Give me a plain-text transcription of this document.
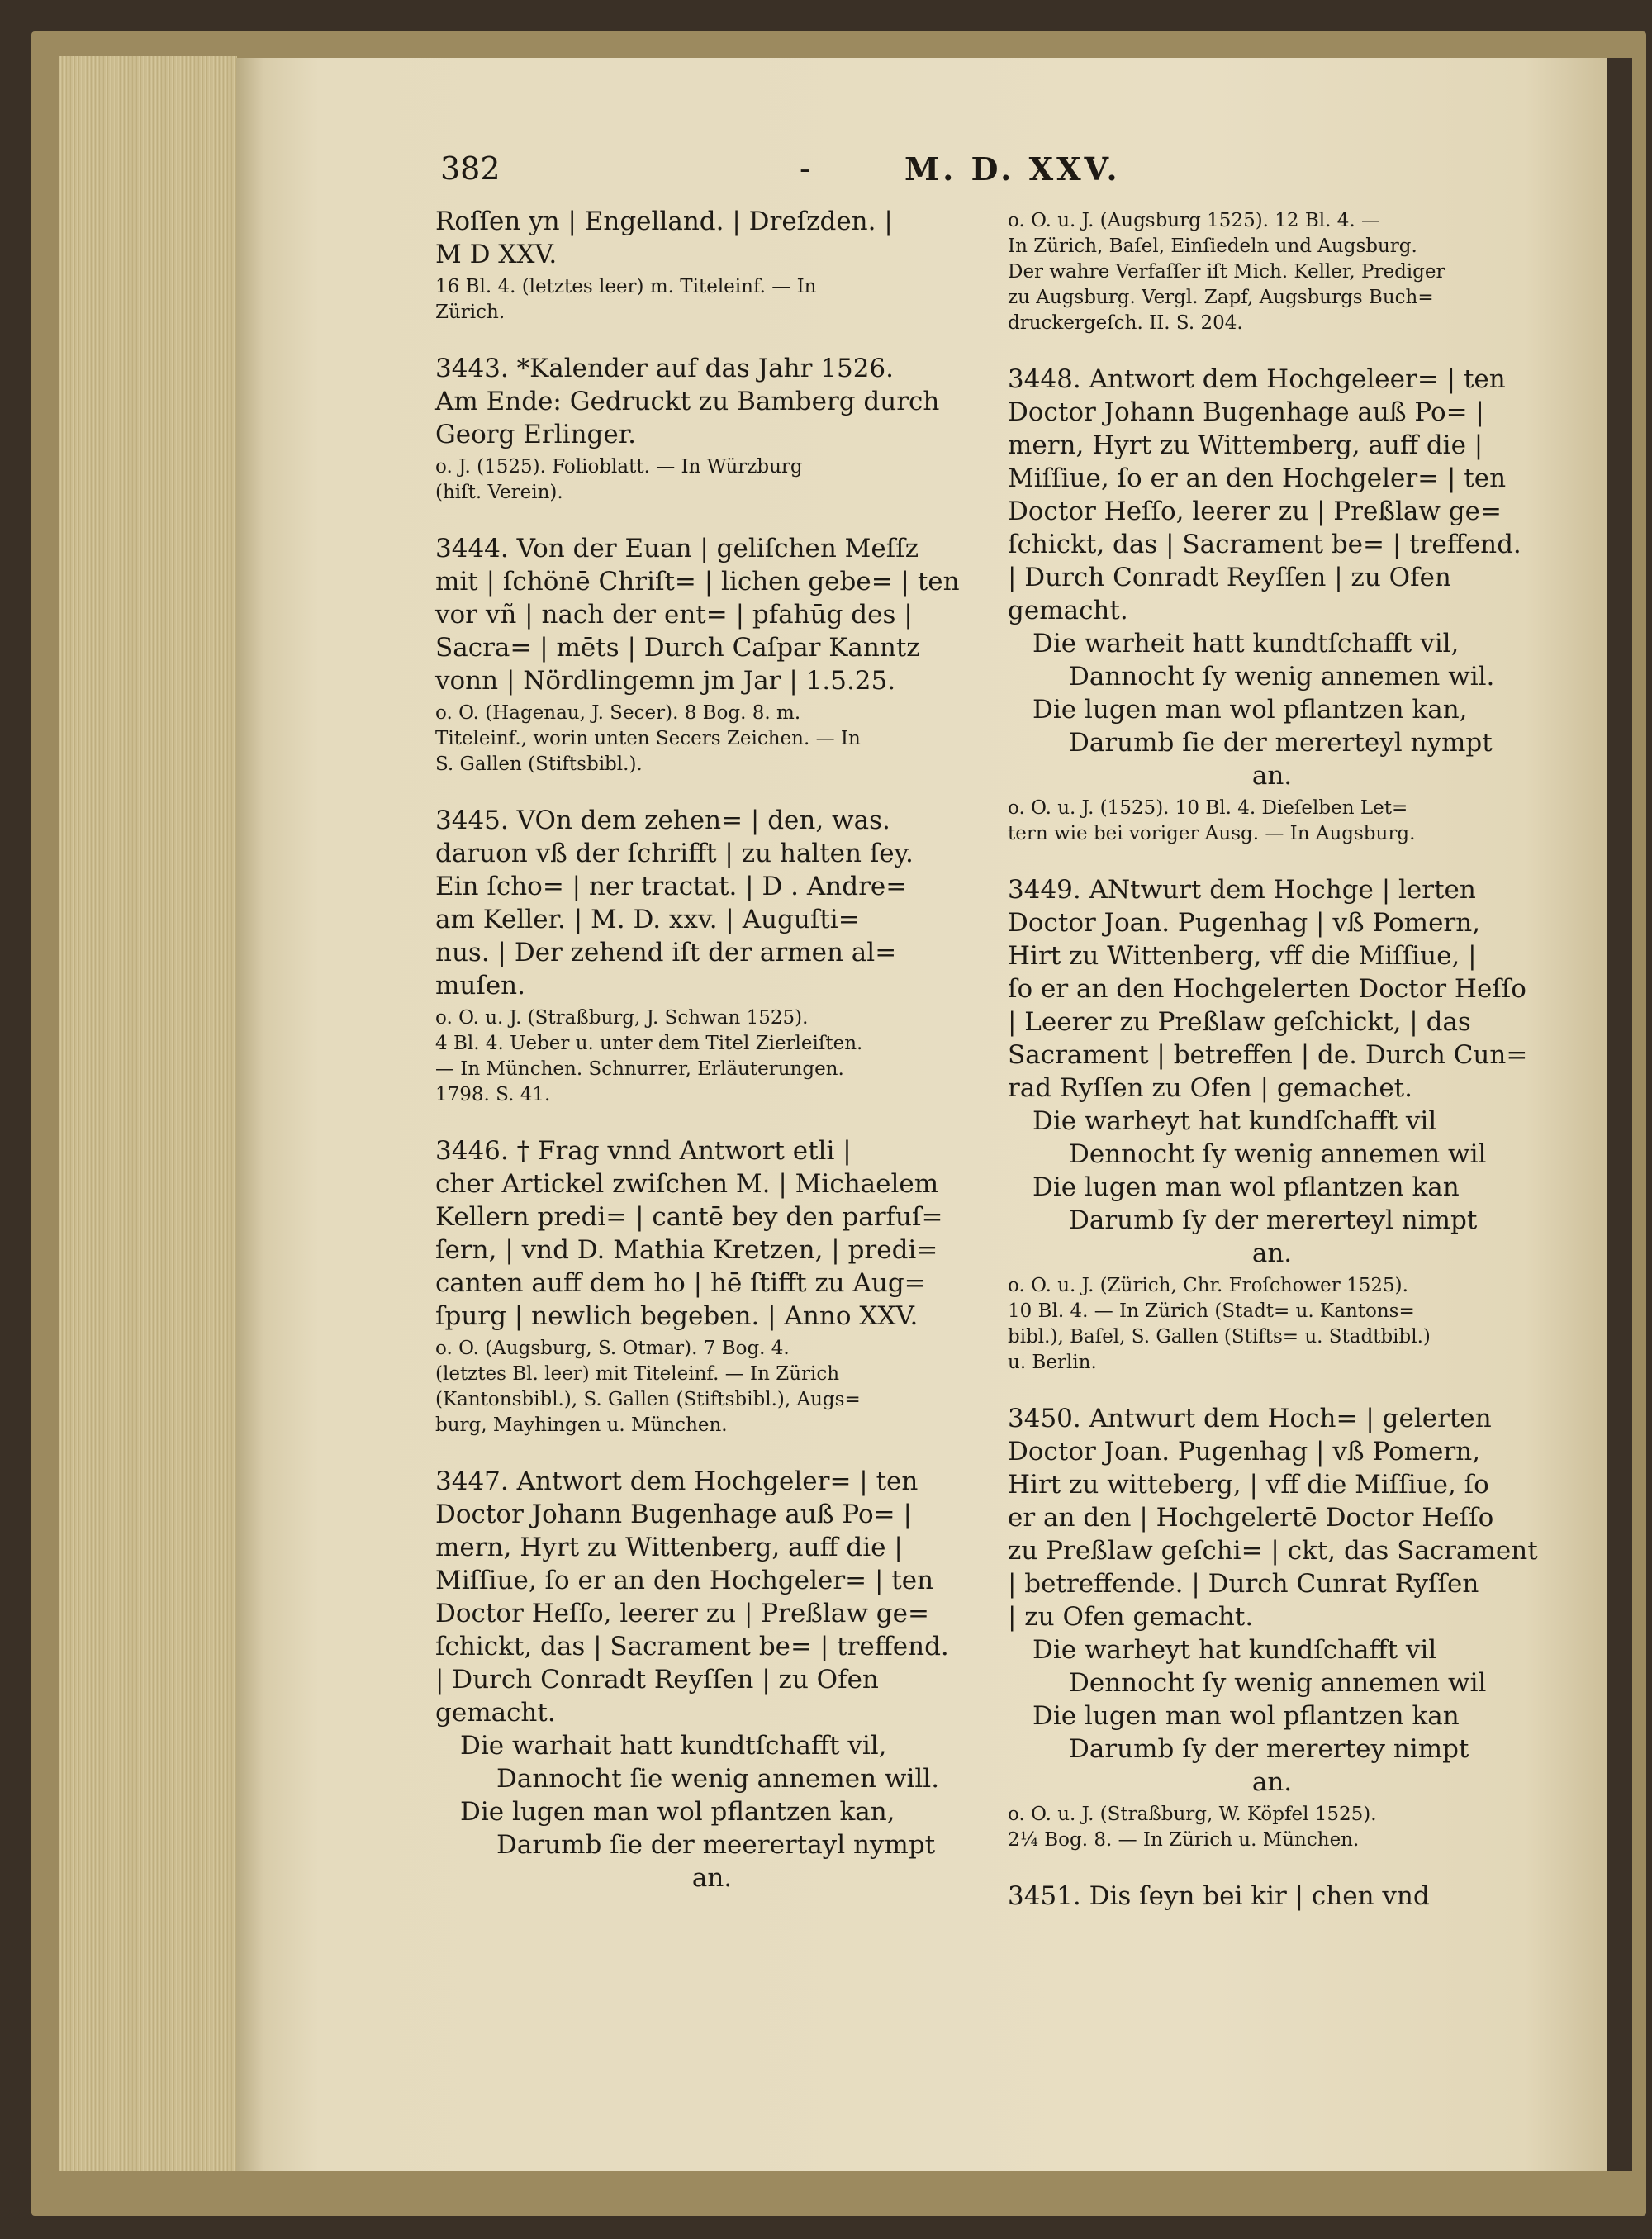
382	-	M. D. XXV.
Roſſen yn | Engelland. | Dreſzden. |
M D XXV.
16 Bl. 4. (letztes leer) m. Titeleinf. — In
Zürich.
3443. *Kalender auf das Jahr 1526.
Am Ende: Gedruckt zu Bamberg durch
Georg Erlinger.
o. J. (1525). Folioblatt. — In Würzburg
(hiſt. Verein).
3444. Von der Euan | geliſchen Meſſz
mit | ſchönē Chriſt= | lichen gebe= | ten
vor vñ | nach der ent= | pfahūg des |
Sacra= | mēts | Durch Caſpar Kanntz
vonn | Nördlingemn jm Jar | 1.5.25.
o. O. (Hagenau, J. Secer). 8 Bog. 8. m.
Titeleinf., worin unten Secers Zeichen. — In
S. Gallen (Stiftsbibl.).
3445. VOn dem zehen= | den, was.
daruon vß der ſchrifft | zu halten ſey.
Ein ſcho= | ner tractat. | D . Andre=
am Keller. | M. D. xxv. | Auguſti=
nus. | Der zehend iſt der armen al=
muſen.
o. O. u. J. (Straßburg, J. Schwan 1525).
4 Bl. 4. Ueber u. unter dem Titel Zierleiſten.
— In München. Schnurrer, Erläuterungen.
1798. S. 41.
3446. † Frag vnnd Antwort etli |
cher Artickel zwiſchen M. | Michaelem
Kellern predi= | cantē bey den parfuſ=
ſern, | vnd D. Mathia Kretzen, | predi=
canten auff dem ho | hē ſtifft zu Aug=
ſpurg | newlich begeben. | Anno XXV.
o. O. (Augsburg, S. Otmar). 7 Bog. 4.
(letztes Bl. leer) mit Titeleinf. — In Zürich
(Kantonsbibl.), S. Gallen (Stiftsbibl.), Augs=
burg, Mayhingen u. München.
3447. Antwort dem Hochgeler= | ten
Doctor Johann Bugenhage auß Po= |
mern, Hyrt zu Wittenberg, auff die |
Miſſiue, ſo er an den Hochgeler= | ten
Doctor Heſſo, leerer zu | Preßlaw ge=
ſchickt, das | Sacrament be= | treffend.
| Durch Conradt Reyſſen | zu Ofen
gemacht.
Die warhait hatt kundtſchafft vil,
Dannocht ſie wenig annemen will.
Die lugen man wol pflantzen kan,
Darumb ſie der meerertayl nympt
an.
o. O. u. J. (Augsburg 1525). 12 Bl. 4. —
In Zürich, Baſel, Einſiedeln und Augsburg.
Der wahre Verfaſſer iſt Mich. Keller, Prediger
zu Augsburg. Vergl. Zapf, Augsburgs Buch=
druckergeſch. II. S. 204.
3448. Antwort dem Hochgeleer= | ten
Doctor Johann Bugenhage auß Po= |
mern, Hyrt zu Wittemberg, auff die |
Miſſiue, ſo er an den Hochgeler= | ten
Doctor Heſſo, leerer zu | Preßlaw ge=
ſchickt, das | Sacrament be= | treffend.
| Durch Conradt Reyſſen | zu Ofen
gemacht.
Die warheit hatt kundtſchafft vil,
Dannocht ſy wenig annemen wil.
Die lugen man wol pflantzen kan,
Darumb ſie der mererteyl nympt
an.
o. O. u. J. (1525). 10 Bl. 4. Dieſelben Let=
tern wie bei voriger Ausg. — In Augsburg.
3449. ANtwurt dem Hochge | lerten
Doctor Joan. Pugenhag | vß Pomern,
Hirt zu Wittenberg, vff die Miſſiue, |
ſo er an den Hochgelerten Doctor Heſſo
| Leerer zu Preßlaw geſchickt, | das
Sacrament | betreffen | de. Durch Cun=
rad Ryſſen zu Ofen | gemachet.
Die warheyt hat kundſchafft vil
Dennocht ſy wenig annemen wil
Die lugen man wol pflantzen kan
Darumb ſy der mererteyl nimpt
an.
o. O. u. J. (Zürich, Chr. Froſchower 1525).
10 Bl. 4. — In Zürich (Stadt= u. Kantons=
bibl.), Baſel, S. Gallen (Stifts= u. Stadtbibl.)
u. Berlin.
3450. Antwurt dem Hoch= | gelerten
Doctor Joan. Pugenhag | vß Pomern,
Hirt zu witteberg, | vff die Miſſiue, ſo
er an den | Hochgelertē Doctor Heſſo
zu Preßlaw geſchi= | ckt, das Sacrament
| betreffende. | Durch Cunrat Ryſſen
| zu Ofen gemacht.
Die warheyt hat kundſchafft vil
Dennocht ſy wenig annemen wil
Die lugen man wol pflantzen kan
Darumb ſy der merertey nimpt
an.
o. O. u. J. (Straßburg, W. Köpfel 1525).
2¼ Bog. 8. — In Zürich u. München.
3451. Dis ſeyn bei kir | chen vnd
